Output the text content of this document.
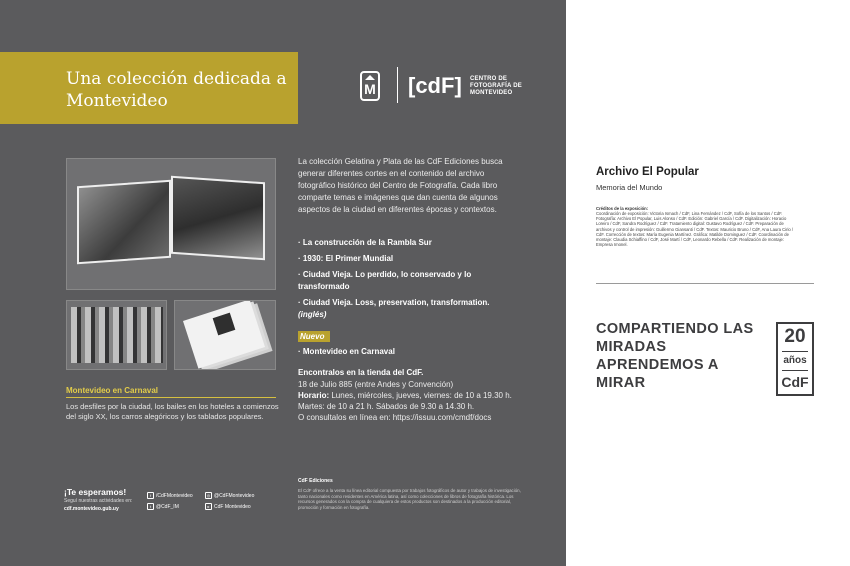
Una colección dedicada a Montevideo
M [cdF] CENTRO DE FOTOGRAFÍA DE MONTEVIDEO
Montevideo en Carnaval
Los desfiles por la ciudad, los bailes en los hoteles a comienzos del siglo XX, los carros alegóricos y los tablados populares.
La colección Gelatina y Plata de las CdF Ediciones busca generar diferentes cortes en el contenido del archivo fotográfico histórico del Centro de Fotografía. Cada libro comparte temas e imágenes que dan cuenta de algunos aspectos de la ciudad en diferentes épocas y contextos.
· La construcción de la Rambla Sur
· 1930: El Primer Mundial
· Ciudad Vieja. Lo perdido, lo conservado y lo transformado
· Ciudad Vieja. Loss, preservation, transformation.
(inglés)
Nuevo
· Montevideo en Carnaval
Encontralos en la tienda del CdF.
18 de Julio 885 (entre Andes y Convención)
Horario: Lunes, miércoles, jueves, viernes: de 10 a 19.30 h.
Martes: de 10 a 21 h. Sábados de 9.30 a 14.30 h.
O consultalos en línea en: https://issuu.com/cmdf/docs
¡Te esperamos!
Seguí nuestras actividades en:
cdf.montevideo.gub.uy
f /CdFMontevideo	◎ @CdFMontevideo
t @CdF_IM	▸ CdF Montevideo
CdF Ediciones
El CdF ofrece a la venta su línea editorial compuesta por trabajos fotográficos de autor y trabajos de investigación, tanto nacionales como residentes en América latina, así como colecciones de libros de fotografía histórica. Los recursos generados con la compra de cualquiera de estos productos son destinados a la producción editorial, promoción y formación en fotografía.
Archivo El Popular
Memoria del Mundo
Créditos de la exposición:
Coordinación de exposición: Victoria Ismach / CdF, Lina Fernández / CdF, Sofía de los Santos / CdF. Fotografía: Archivo El Popular, Luis Alonso / CdF. Edición: Gabriel García / CdF. Digitalización: Horacio Loreiro / CdF, Sandra Rodríguez / CdF. Tratamiento digital: Gustavo Rodríguez / CdF. Preparación de archivos y control de impresión: Guillermo Giansanti / CdF. Textos: Mauricio Bruno / CdF, Ana Laura Cirio / CdF. Corrección de textos: María Eugenia Martínez. Gráfica: Matilde Dominguez / CdF. Coordinación de montaje: Claudia Schiaffino / CdF, José Martí / CdF, Leonardo Rebella / CdF. Realización de montaje: Empresa Imonel.
COMPARTIENDO LAS MIRADAS APRENDEMOS A MIRAR
20
años
CdF
